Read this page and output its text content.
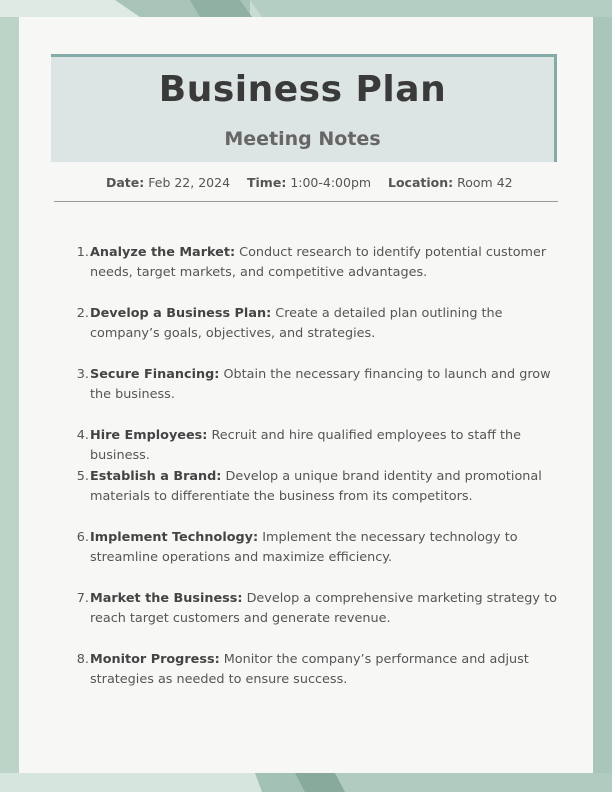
Business Plan
Meeting Notes
Date: Feb 22, 2024 Time: 1:00-4:00pm Location: Room 42
1. Analyze the Market: Conduct research to identify potential customer needs, target markets, and competitive advantages.
2. Develop a Business Plan: Create a detailed plan outlining the company’s goals, objectives, and strategies.
3. Secure Financing: Obtain the necessary financing to launch and grow the business.
4. Hire Employees: Recruit and hire qualified employees to staff the business.
5. Establish a Brand: Develop a unique brand identity and promotional materials to differentiate the business from its competitors.
6. Implement Technology: Implement the necessary technology to streamline operations and maximize efficiency.
7. Market the Business: Develop a comprehensive marketing strategy to reach target customers and generate revenue.
8. Monitor Progress: Monitor the company’s performance and adjust strategies as needed to ensure success.
